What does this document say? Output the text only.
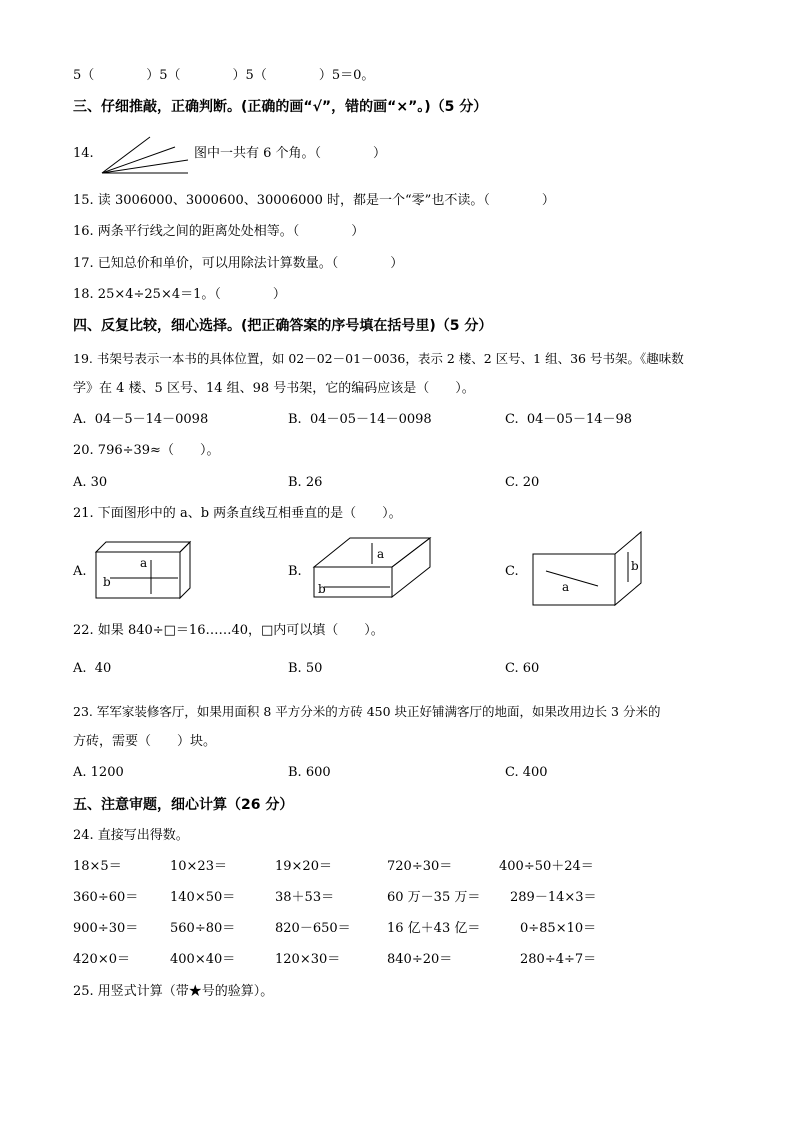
5（　　　　）5（　　　　）5（　　　　）5＝0。
三、仔细推敲，正确判断。(正确的画“√”，错的画“×”。)（5 分）
14.	图中一共有 6 个角。（　　　　）
15. 读 3006000、3000600、30006000 时，都是一个“零”也不读。（　　　　）
16. 两条平行线之间的距离处处相等。（　　　　）
17. 已知总价和单价，可以用除法计算数量。（　　　　）
18. 25×4÷25×4＝1。（　　　　）
四、反复比较，细心选择。(把正确答案的序号填在括号里)（5 分）
19. 书架号表示一本书的具体位置，如 02－02－01－0036，表示 2 楼、2 区号、1 组、36 号书架。《趣味数
学》在 4 楼、5 区号、14 组、98 号书架，它的编码应该是（　　）。
A.  04－5－14－0098	B.  04－05－14－0098	C.  04－05－14－98
20. 796÷39≈（　　）。
A. 30	B. 26	C. 20
21. 下面图形中的 a、b 两条直线互相垂直的是（　　）。
A.
a
b
B.
a
b
C.
a
b
22. 如果 840÷□＝16……40，□内可以填（　　）。
A.  40	B. 50	C. 60
23. 军军家装修客厅，如果用面积 8 平方分米的方砖 450 块正好铺满客厅的地面，如果改用边长 3 分米的
方砖，需要（　　）块。
A. 1200	B. 600	C. 400
五、注意审题，细心计算（26 分）
24. 直接写出得数。
18×5＝	10×23＝	19×20＝	720÷30＝	400÷50＋24＝
360÷60＝ 140×50＝	38＋53＝	60 万－35 万＝ 289－14×3＝
900÷30＝ 560÷80＝	820－650＝	16 亿＋43 亿＝	0÷85×10＝
420×0＝	400×40＝	120×30＝	840÷20＝	280÷4÷7＝
25. 用竖式计算（带★号的验算）。
